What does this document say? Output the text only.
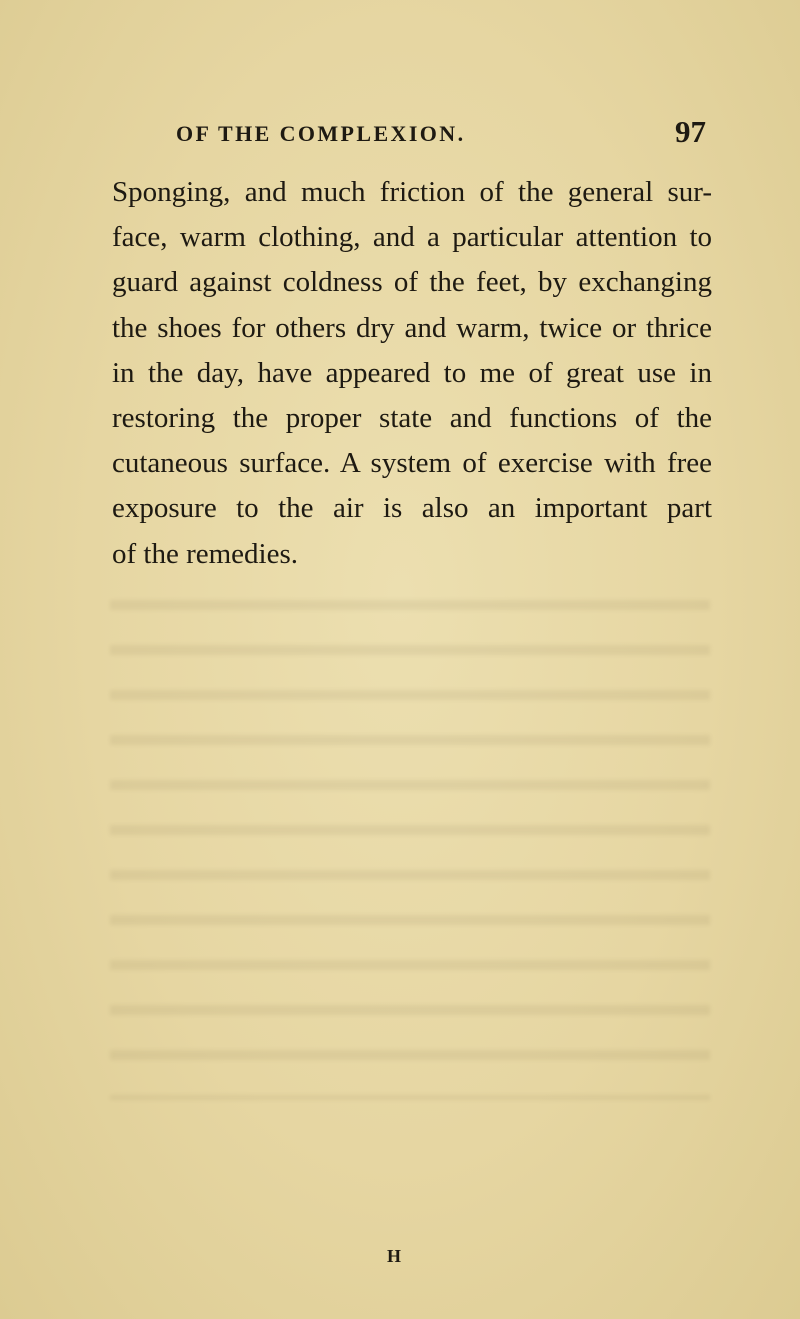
OF THE COMPLEXION.	97
Sponging, and much friction of the general sur-
face, warm clothing, and a particular attention to
guard against coldness of the feet, by exchanging
the shoes for others dry and warm, twice or thrice
in the day, have appeared to me of great use in
restoring the proper state and functions of the
cutaneous surface. A system of exercise with free
exposure to the air is also an important part
of the remedies.
H
